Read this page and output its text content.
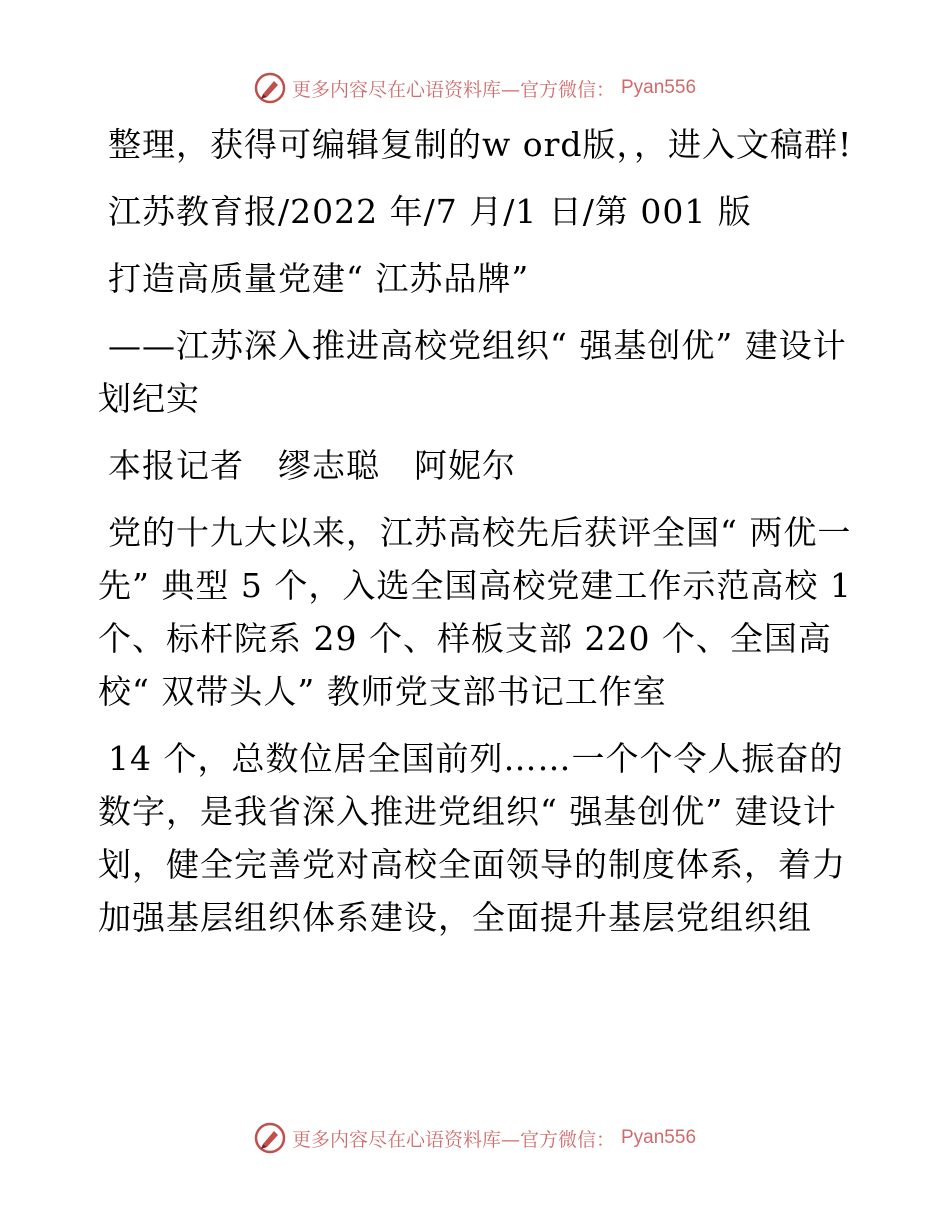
更多内容尽在心语资料库—官方微信： Pyan556

整理，获得可编辑复制的w ord版，，进入文稿群!

江苏教育报/2022 年/7 月/1 日/第 001 版

打造高质量党建“ 江苏品牌”

——江苏深入推进高校党组织“ 强基创优” 建设计划纪实

本报记者　缪志聪　阿妮尔

党的十九大以来，江苏高校先后获评全国“ 两优一先” 典型 5 个，入选全国高校党建工作示范高校 1 个、标杆院系 29 个、样板支部 220 个、全国高校“ 双带头人” 教师党支部书记工作室

14 个，总数位居全国前列……一个个令人振奋的数字，是我省深入推进党组织“ 强基创优” 建设计划，健全完善党对高校全面领导的制度体系，着力加强基层组织体系建设，全面提升基层党组织组

更多内容尽在心语资料库—官方微信： Pyan556
